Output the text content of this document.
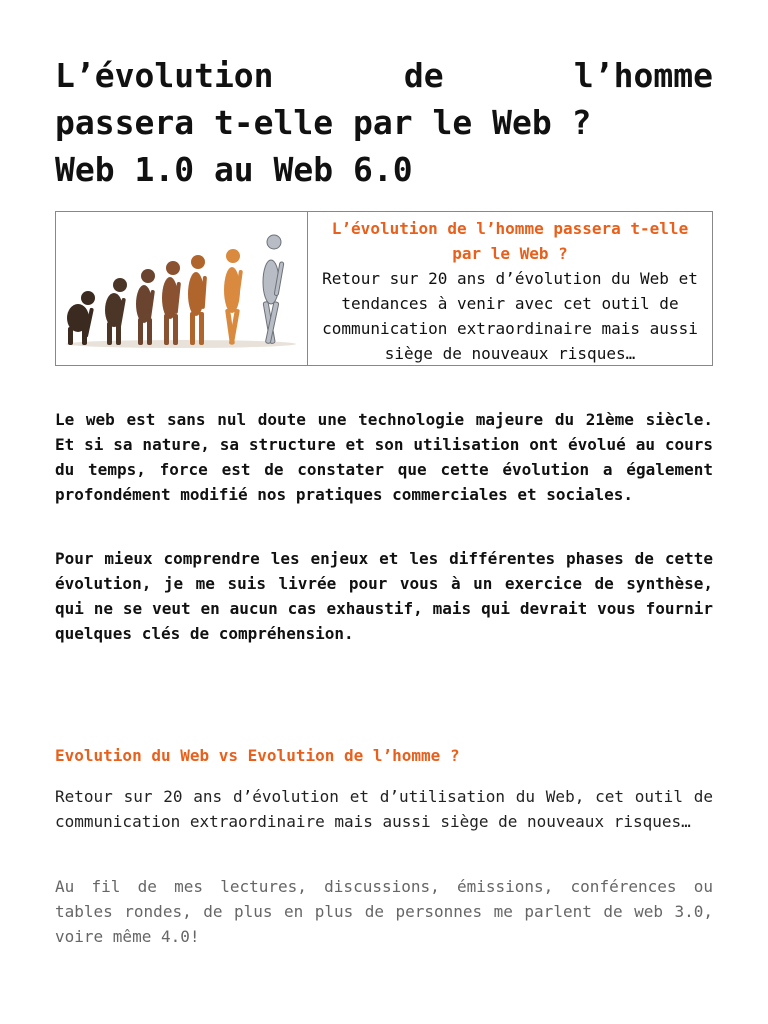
L’évolution de l’homme
passera t-elle par le Web ?
Web 1.0 au Web 6.0
L’évolution de l’homme passera t-elle par le Web ?
Retour sur 20 ans d’évolution du Web et tendances à venir avec cet outil de communication extraordinaire mais aussi siège de nouveaux risques…

Le web est sans nul doute une technologie majeure du 21ème siècle. Et si sa nature, sa structure et son utilisation ont évolué au cours du temps, force est de constater que cette évolution a également profondément modifié nos pratiques commerciales et sociales.

Pour mieux comprendre les enjeux et les différentes phases de cette évolution, je me suis livrée pour vous à un exercice de synthèse, qui ne se veut en aucun cas exhaustif, mais qui devrait vous fournir quelques clés de compréhension.

Evolution du Web vs Evolution de l’homme ?

Retour sur 20 ans d’évolution et d’utilisation du Web, cet outil de communication extraordinaire mais aussi siège de nouveaux risques…

Au fil de mes lectures, discussions, émissions, conférences ou tables rondes, de plus en plus de personnes me parlent de web 3.0, voire même 4.0!
